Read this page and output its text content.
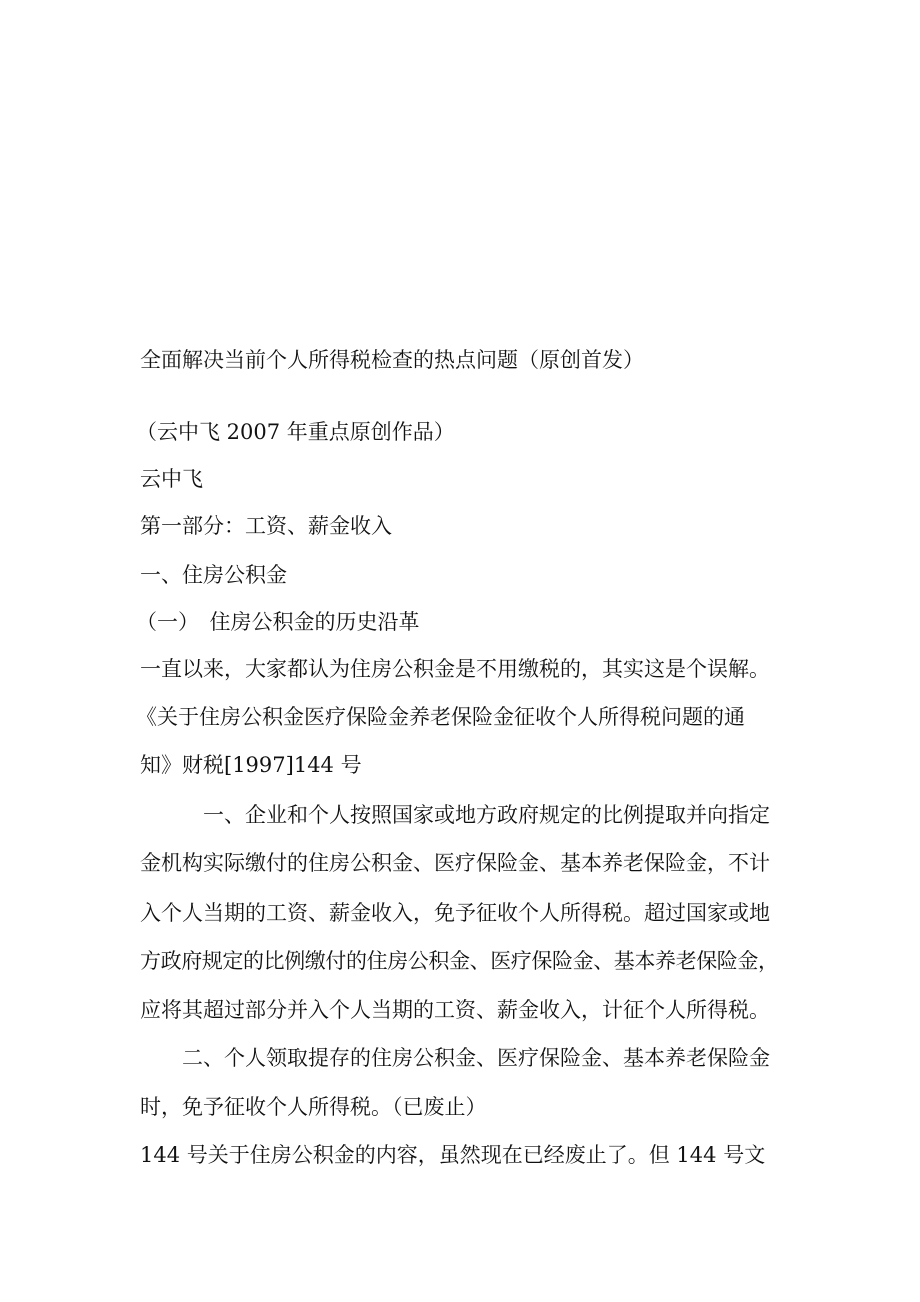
全面解决当前个人所得税检查的热点问题（原创首发）
（云中飞 2007 年重点原创作品）
云中飞
第一部分：工资、薪金收入
一、住房公积金
（一）　住房公积金的历史沿革
一直以来，大家都认为住房公积金是不用缴税的，其实这是个误解。
《关于住房公积金医疗保险金养老保险金征收个人所得税问题的通
知》财税[1997]144 号
　　　一、企业和个人按照国家或地方政府规定的比例提取并向指定
金机构实际缴付的住房公积金、医疗保险金、基本养老保险金，不计
入个人当期的工资、薪金收入，免予征收个人所得税。超过国家或地
方政府规定的比例缴付的住房公积金、医疗保险金、基本养老保险金，
应将其超过部分并入个人当期的工资、薪金收入，计征个人所得税。
　　二、个人领取提存的住房公积金、医疗保险金、基本养老保险金
时，免予征收个人所得税。（已废止）
144 号关于住房公积金的内容，虽然现在已经废止了。但 144 号文
